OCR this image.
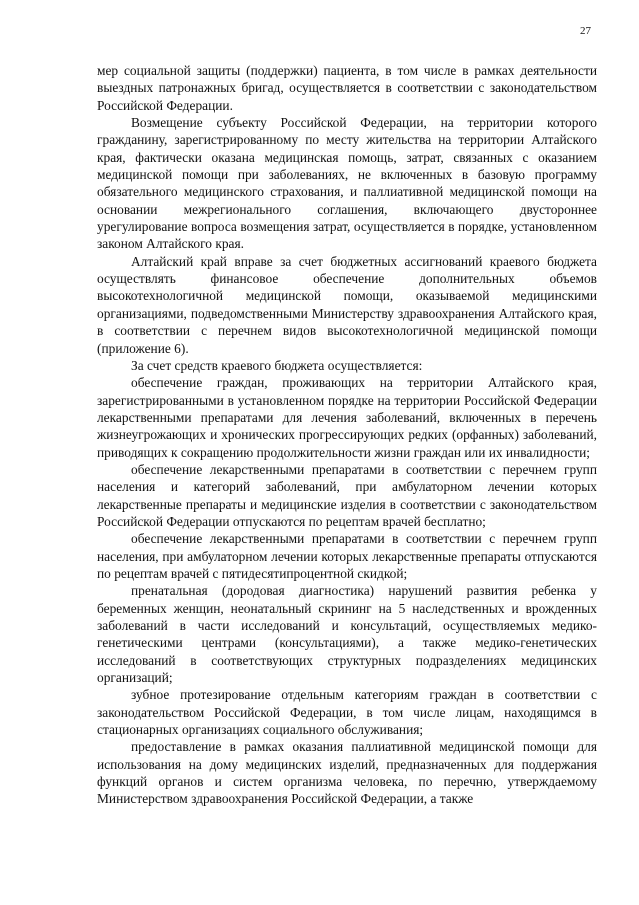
27

мер социальной защиты (поддержки) пациента, в том числе в рамках деятельности выездных патронажных бригад, осуществляется в соответствии с законодательством Российской Федерации.

Возмещение субъекту Российской Федерации, на территории которого гражданину, зарегистрированному по месту жительства на территории Алтайского края, фактически оказана медицинская помощь, затрат, связанных с оказанием медицинской помощи при заболеваниях, не включенных в базовую программу обязательного медицинского страхования, и паллиативной медицинской помощи на основании межрегионального соглашения, включающего двустороннее урегулирование вопроса возмещения затрат, осуществляется в порядке, установленном законом Алтайского края.

Алтайский край вправе за счет бюджетных ассигнований краевого бюджета осуществлять финансовое обеспечение дополнительных объемов высокотехнологичной медицинской помощи, оказываемой медицинскими организациями, подведомственными Министерству здравоохранения Алтайского края, в соответствии с перечнем видов высокотехнологичной медицинской помощи (приложение 6).

За счет средств краевого бюджета осуществляется:

обеспечение граждан, проживающих на территории Алтайского края, зарегистрированными в установленном порядке на территории Российской Федерации лекарственными препаратами для лечения заболеваний, включенных в перечень жизнеугрожающих и хронических прогрессирующих редких (орфанных) заболеваний, приводящих к сокращению продолжительности жизни граждан или их инвалидности;

обеспечение лекарственными препаратами в соответствии с перечнем групп населения и категорий заболеваний, при амбулаторном лечении которых лекарственные препараты и медицинские изделия в соответствии с законодательством Российской Федерации отпускаются по рецептам врачей бесплатно;

обеспечение лекарственными препаратами в соответствии с перечнем групп населения, при амбулаторном лечении которых лекарственные препараты отпускаются по рецептам врачей с пятидесятипроцентной скидкой;

пренатальная (дородовая диагностика) нарушений развития ребенка у беременных женщин, неонатальный скрининг на 5 наследственных и врожденных заболеваний в части исследований и консультаций, осуществляемых медико-генетическими центрами (консультациями), а также медико-генетических исследований в соответствующих структурных подразделениях медицинских организаций;

зубное протезирование отдельным категориям граждан в соответствии с законодательством Российской Федерации, в том числе лицам, находящимся в стационарных организациях социального обслуживания;

предоставление в рамках оказания паллиативной медицинской помощи для использования на дому медицинских изделий, предназначенных для поддержания функций органов и систем организма человека, по перечню, утверждаемому Министерством здравоохранения Российской Федерации, а также
